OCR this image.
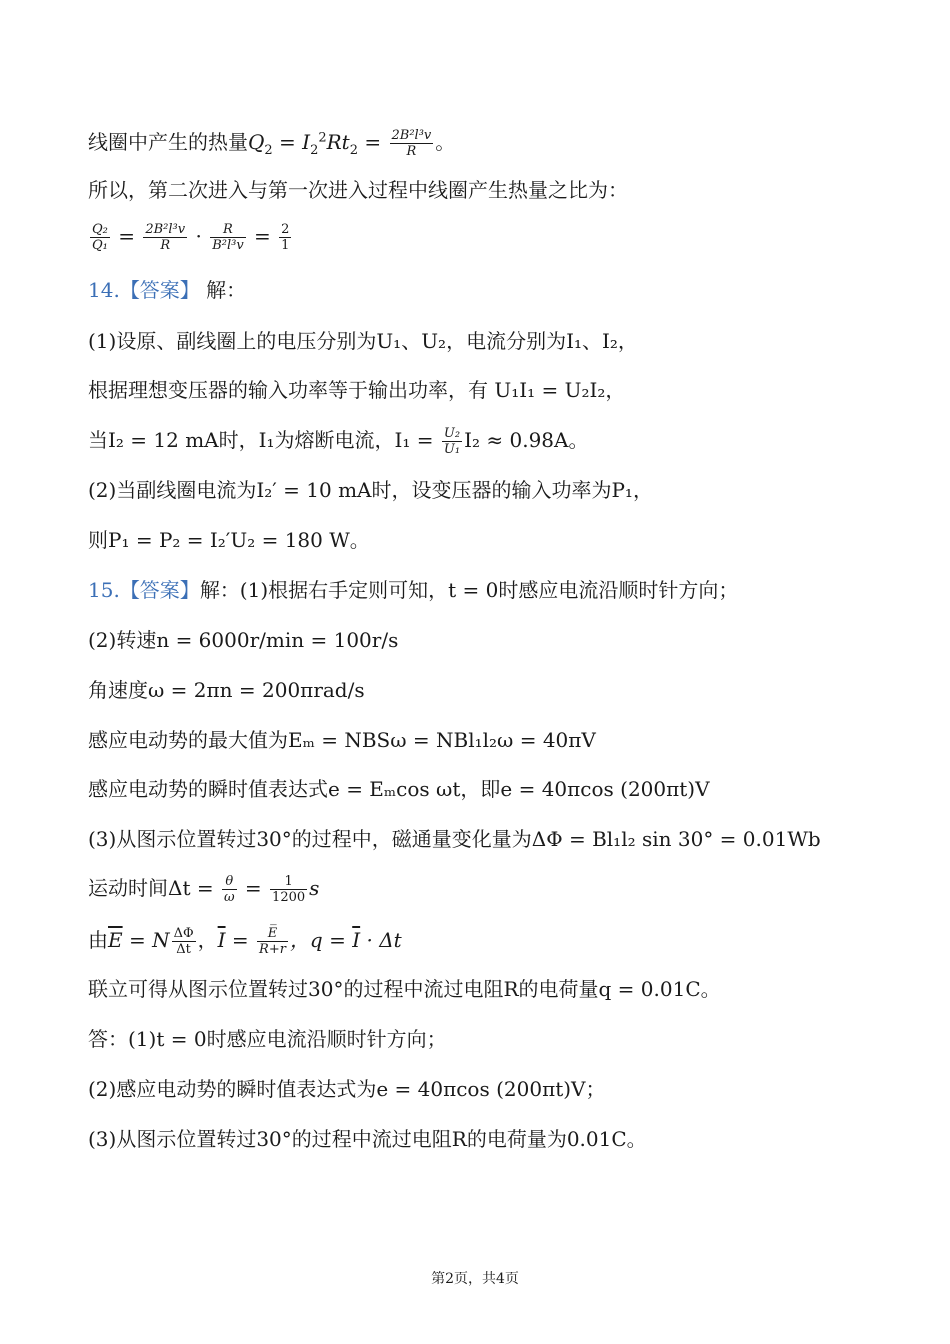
线圈中产生的热量$Q_2 = I_2^2Rt_2 = \frac{\text{2B²l³v}}{R}$ 。
所以，第二次进入与第一次进入过程中线圈产生热量之比为：
$\frac{\text{Q₂}}{\text{Q₁}} = \frac{\text{2B²l³v}}{R} \cdot \frac{R}{\text{B²l³v}} = \frac{2}{1}$
14.【答案】 解：
(1)设原、副线圈上的电压分别为U₁、U₂，电流分别为I₁、I₂，
根据理想变压器的输入功率等于输出功率，有 U₁I₁ = U₂I₂，
当I₂ = 12 mA时，I₁为熔断电流，$I_1 = \frac{\text{U₂}}{\text{U₁}} I_2 \approx 0.98A$。
(2)当副线圈电流为I₂′ = 10 mA时，设变压器的输入功率为P₁，
则P₁ = P₂ = I₂′U₂ = 180 W。
15.【答案】解：(1)根据右手定则可知，t = 0时感应电流沿顺时针方向；
(2)转速n = 6000r/min = 100r/s
角速度ω = 2πn = 200πrad/s
感应电动势的最大值为Eₘ = NBSω = NBl₁l₂ω = 40πV
感应电动势的瞬时值表达式e = Eₘcos ωt，即e = 40πcos (200πt)V
(3)从图示位置转过30°的过程中，磁通量变化量为ΔΦ = Bl₁l₂ sin 30° = 0.01Wb
运动时间$\Delta t = \frac{\theta}{\omega} = \frac{1}{1200}$ s
由$\overline{E} = N \frac{\Delta\Phi}{\Delta t}$ ，$\overline{I} = \frac{E̅}{R+r}$ ，$q = \overline{I} \cdot \Delta t$
联立可得从图示位置转过30°的过程中流过电阻R的电荷量q = 0.01C。
答：(1)t = 0时感应电流沿顺时针方向；
(2)感应电动势的瞬时值表达式为e = 40πcos (200πt)V；
(3)从图示位置转过30°的过程中流过电阻R的电荷量为0.01C。
第2页，共4页
